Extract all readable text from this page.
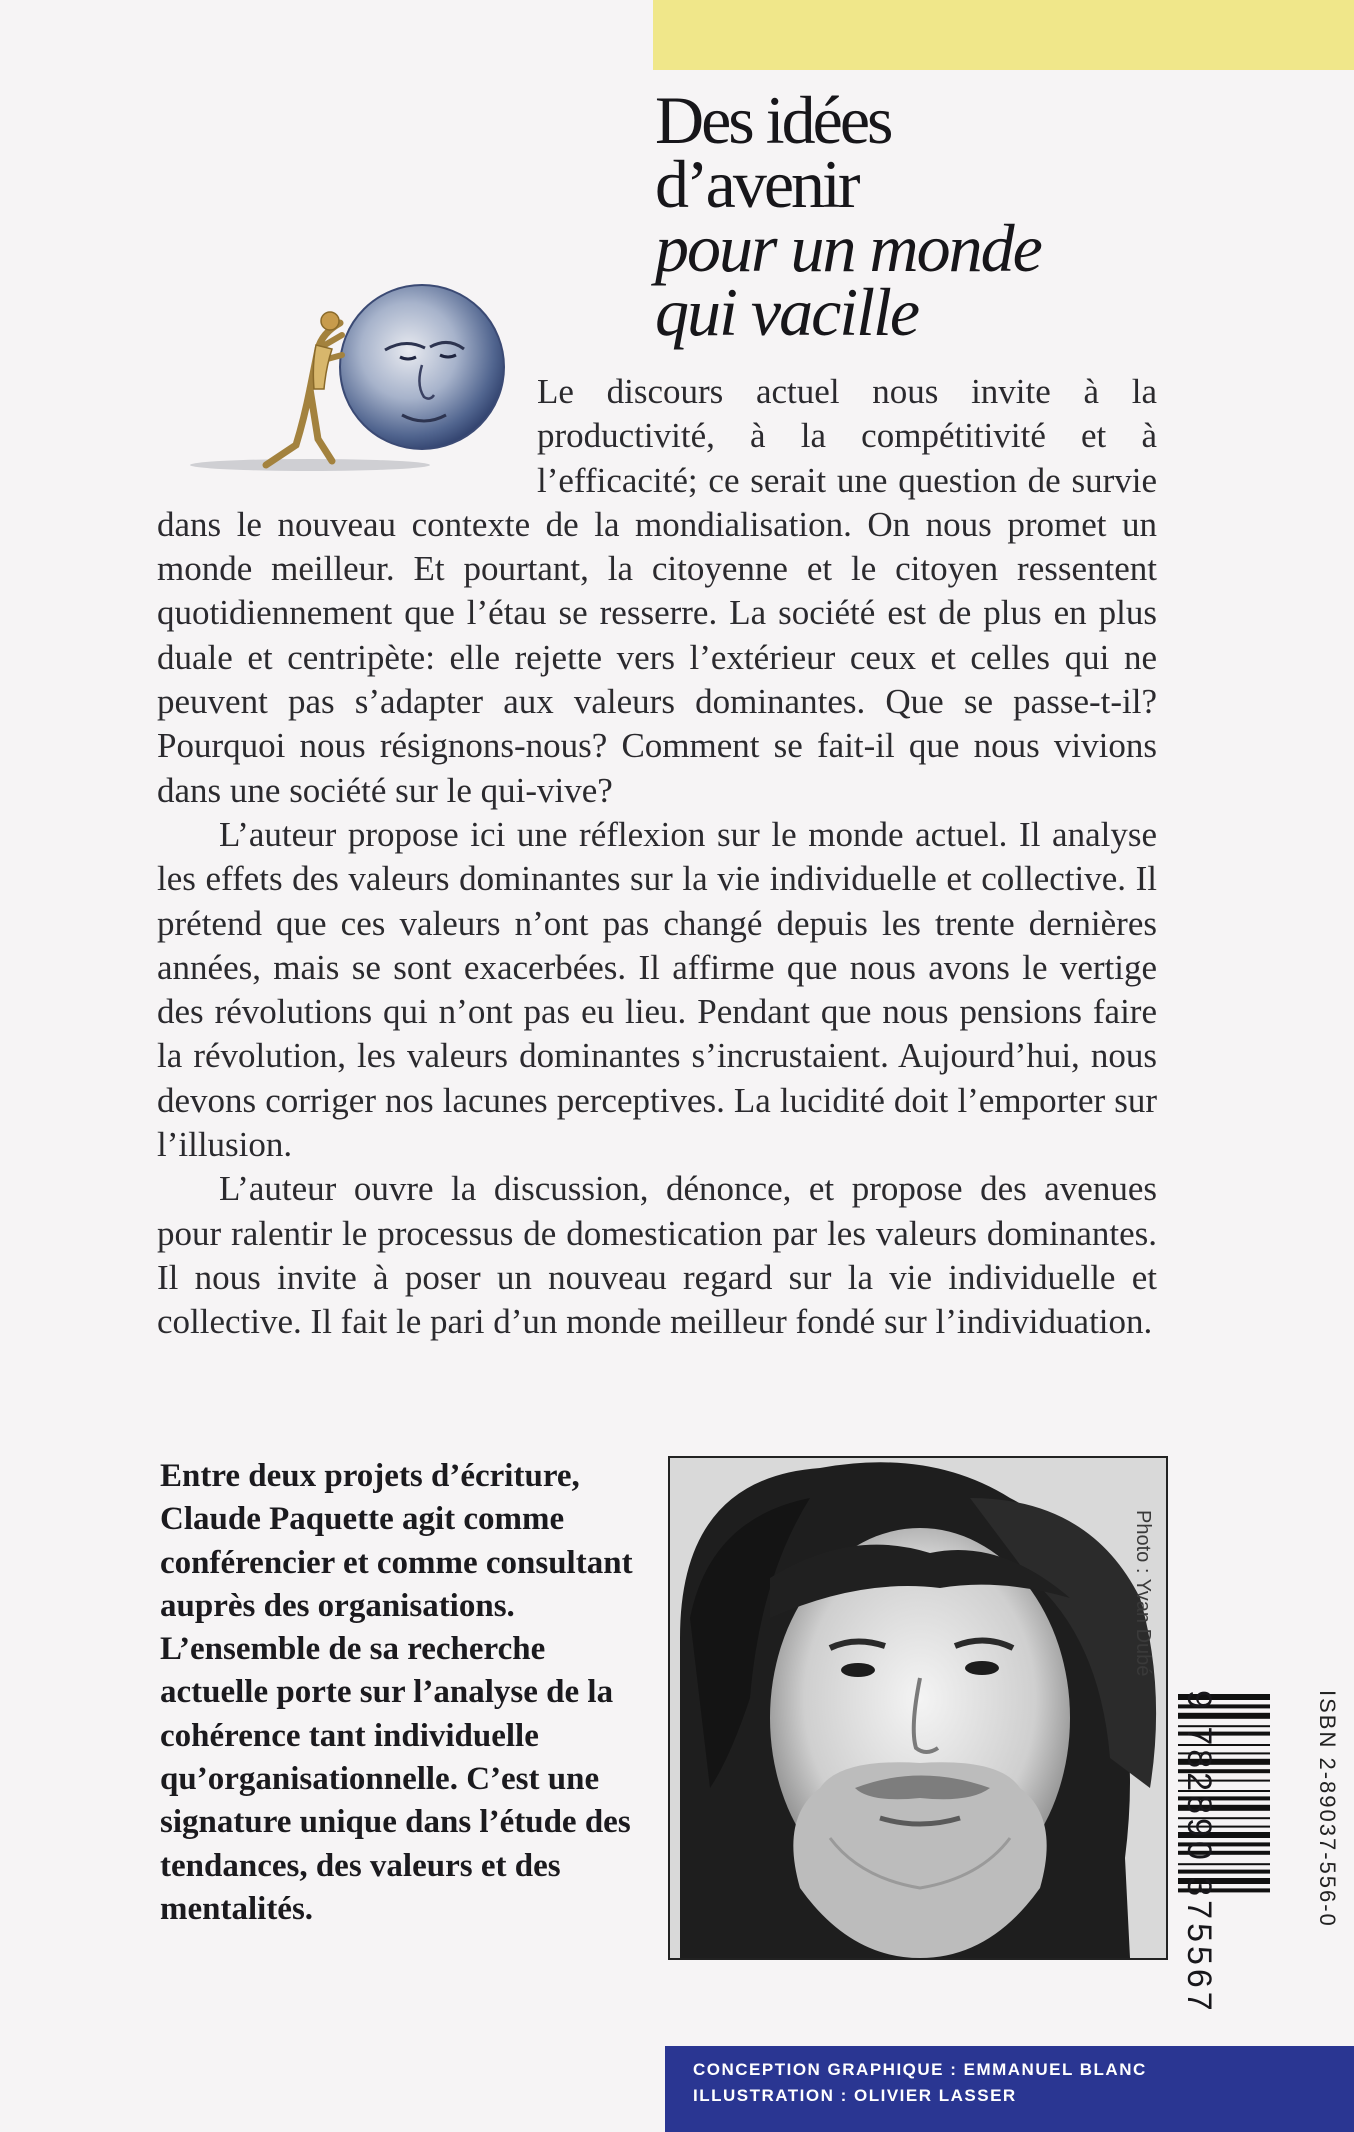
Des idées
d’avenir
pour un monde
qui vacille

Le discours actuel nous invite à la productivité, à la compétitivité et à l’efficacité; ce serait une question de survie dans le nouveau contexte de la mondialisation. On nous promet un monde meilleur. Et pourtant, la citoyenne et le citoyen ressentent quotidiennement que l’étau se resserre. La société est de plus en plus duale et centripète: elle rejette vers l’extérieur ceux et celles qui ne peuvent pas s’adapter aux valeurs dominantes. Que se passe-t-il? Pourquoi nous résignons-nous? Comment se fait-il que nous vivions dans une société sur le qui-vive?

L’auteur propose ici une réflexion sur le monde actuel. Il analyse les effets des valeurs dominantes sur la vie individuelle et collective. Il prétend que ces valeurs n’ont pas changé depuis les trente dernières années, mais se sont exacerbées. Il affirme que nous avons le vertige des révolutions qui n’ont pas eu lieu. Pendant que nous pensions faire la révolution, les valeurs dominantes s’incrustaient. Aujourd’hui, nous devons corriger nos lacunes perceptives. La lucidité doit l’emporter sur l’illusion.

L’auteur ouvre la discussion, dénonce, et propose des avenues pour ralentir le processus de domestication par les valeurs dominantes. Il nous invite à poser un nouveau regard sur la vie individuelle et collective. Il fait le pari d’un monde meilleur fondé sur l’individuation.

Entre deux projets d’écriture, Claude Paquette agit comme conférencier et comme consultant auprès des organisations. L’ensemble de sa recherche actuelle porte sur l’analyse de la cohérence tant individuelle qu’organisationnelle. C’est une signature unique dans l’étude des tendances, des valeurs et des mentalités.
Photo : Yvan Dubé
9 782890 375567	ISBN 2-89037-556-0
CONCEPTION GRAPHIQUE : EMMANUEL BLANC
ILLUSTRATION : OLIVIER LASSER
